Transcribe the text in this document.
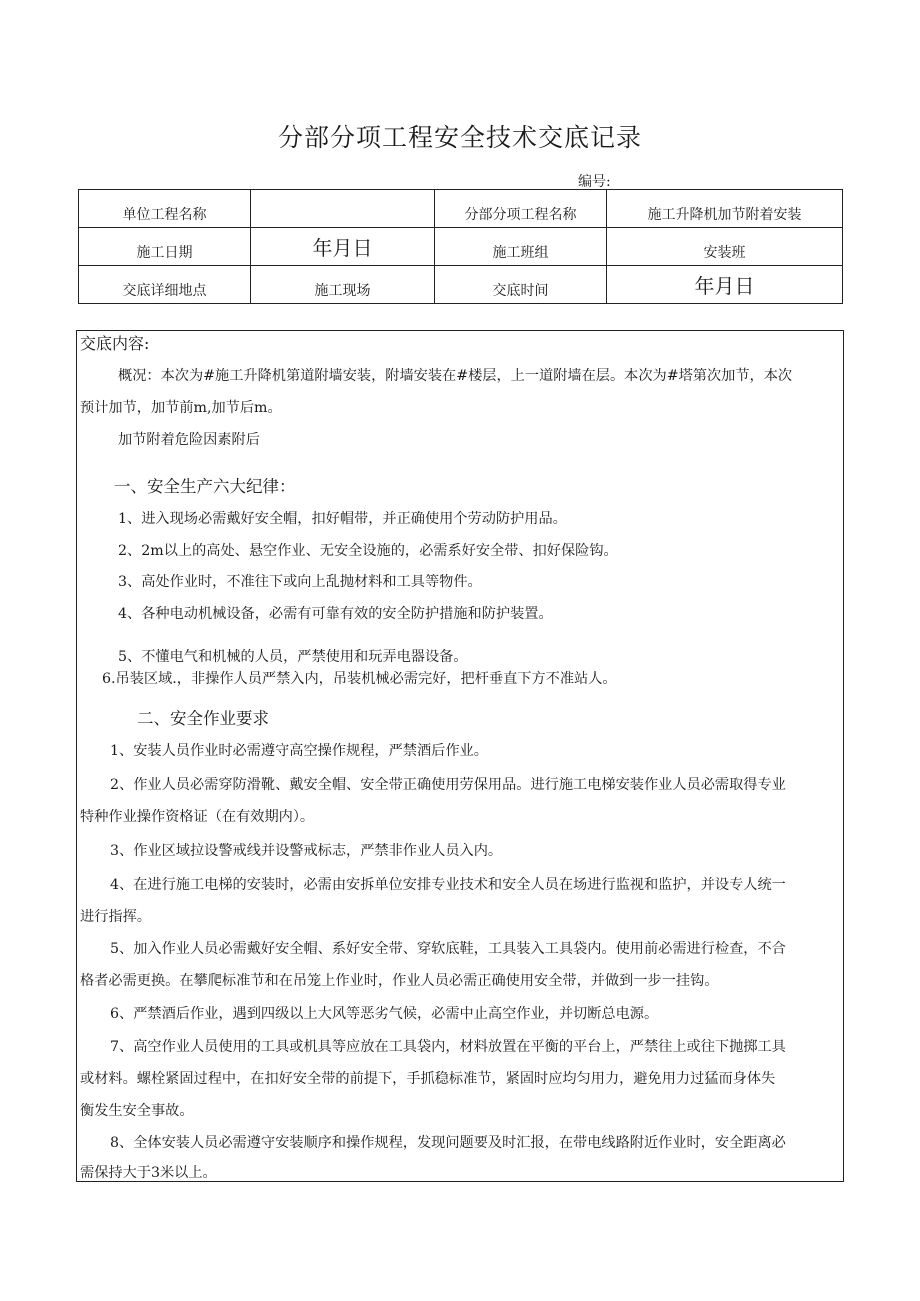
分部分项工程安全技术交底记录
编号:
单位工程名称		分部分项工程名称	施工升降机加节附着安装
施工日期	年月日	施工班组	安装班
交底详细地点	施工现场	交底时间	年月日
交底内容:
概况：本次为#施工升降机第道附墙安装，附墙安装在#楼层，上一道附墙在层。本次为#塔第次加节，本次
预计加节，加节前m,加节后m。
加节附着危险因素附后
一、安全生产六大纪律：
1、进入现场必需戴好安全帽，扣好帽带，并正确使用个劳动防护用品。
2、2m以上的高处、悬空作业、无安全设施的，必需系好安全带、扣好保险钩。
3、高处作业时，不准往下或向上乱抛材料和工具等物件。
4、各种电动机械设备，必需有可靠有效的安全防护措施和防护装置。
5、不懂电气和机械的人员，严禁使用和玩弄电器设备。
6.吊装区域.，非操作人员严禁入内，吊装机械必需完好，把杆垂直下方不准站人。
二、安全作业要求
1、安装人员作业时必需遵守高空操作规程，严禁酒后作业。
2、作业人员必需穿防滑靴、戴安全帽、安全带正确使用劳保用品。进行施工电梯安装作业人员必需取得专业
特种作业操作资格证（在有效期内）。
3、作业区域拉设警戒线并设警戒标志，严禁非作业人员入内。
4、在进行施工电梯的安装时，必需由安拆单位安排专业技术和安全人员在场进行监视和监护，并设专人统一
进行指挥。
5、加入作业人员必需戴好安全帽、系好安全带、穿软底鞋，工具装入工具袋内。使用前必需进行检查，不合
格者必需更换。在攀爬标准节和在吊笼上作业时，作业人员必需正确使用安全带，并做到一步一挂钩。
6、严禁酒后作业，遇到四级以上大风等恶劣气候，必需中止高空作业，并切断总电源。
7、高空作业人员使用的工具或机具等应放在工具袋内，材料放置在平衡的平台上，严禁往上或往下抛掷工具
或材料。螺栓紧固过程中，在扣好安全带的前提下，手抓稳标准节，紧固时应均匀用力，避免用力过猛而身体失
衡发生安全事故。
8、全体安装人员必需遵守安装顺序和操作规程，发现问题要及时汇报，在带电线路附近作业时，安全距离必
需保持大于3米以上。
